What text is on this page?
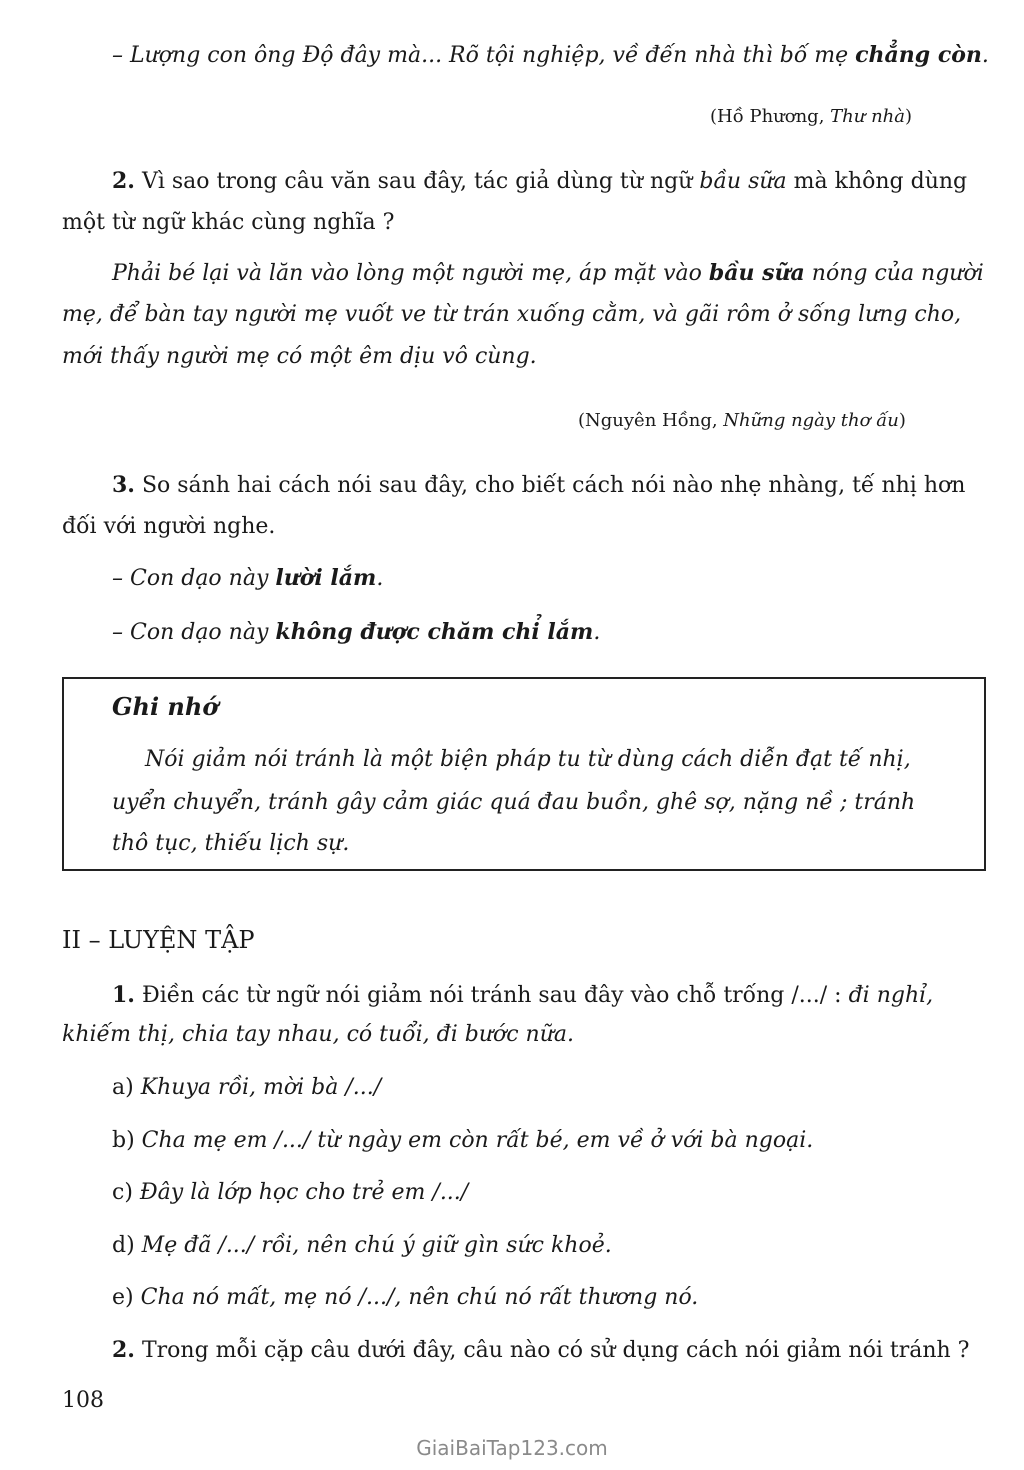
– Lượng con ông Độ đây mà... Rõ tội nghiệp, về đến nhà thì bố mẹ chẳng còn.
(Hồ Phương, Thư nhà)
2. Vì sao trong câu văn sau đây, tác giả dùng từ ngữ bầu sữa mà không dùng
một từ ngữ khác cùng nghĩa ?
Phải bé lại và lăn vào lòng một người mẹ, áp mặt vào bầu sữa nóng của người
mẹ, để bàn tay người mẹ vuốt ve từ trán xuống cằm, và gãi rôm ở sống lưng cho,
mới thấy người mẹ có một êm dịu vô cùng.
(Nguyên Hồng, Những ngày thơ ấu)
3. So sánh hai cách nói sau đây, cho biết cách nói nào nhẹ nhàng, tế nhị hơn
đối với người nghe.
– Con dạo này lười lắm.
– Con dạo này không được chăm chỉ lắm.
Ghi nhớ
Nói giảm nói tránh là một biện pháp tu từ dùng cách diễn đạt tế nhị,
uyển chuyển, tránh gây cảm giác quá đau buồn, ghê sợ, nặng nề ; tránh
thô tục, thiếu lịch sự.
II – LUYỆN TẬP
1. Điền các từ ngữ nói giảm nói tránh sau đây vào chỗ trống /.../ : đi nghỉ,
khiếm thị, chia tay nhau, có tuổi, đi bước nữa.
a) Khuya rồi, mời bà /.../
b) Cha mẹ em /.../ từ ngày em còn rất bé, em về ở với bà ngoại.
c) Đây là lớp học cho trẻ em /.../
d) Mẹ đã /.../ rồi, nên chú ý giữ gìn sức khoẻ.
e) Cha nó mất, mẹ nó /.../, nên chú nó rất thương nó.
2. Trong mỗi cặp câu dưới đây, câu nào có sử dụng cách nói giảm nói tránh ?
108
GiaiBaiTap123.com
